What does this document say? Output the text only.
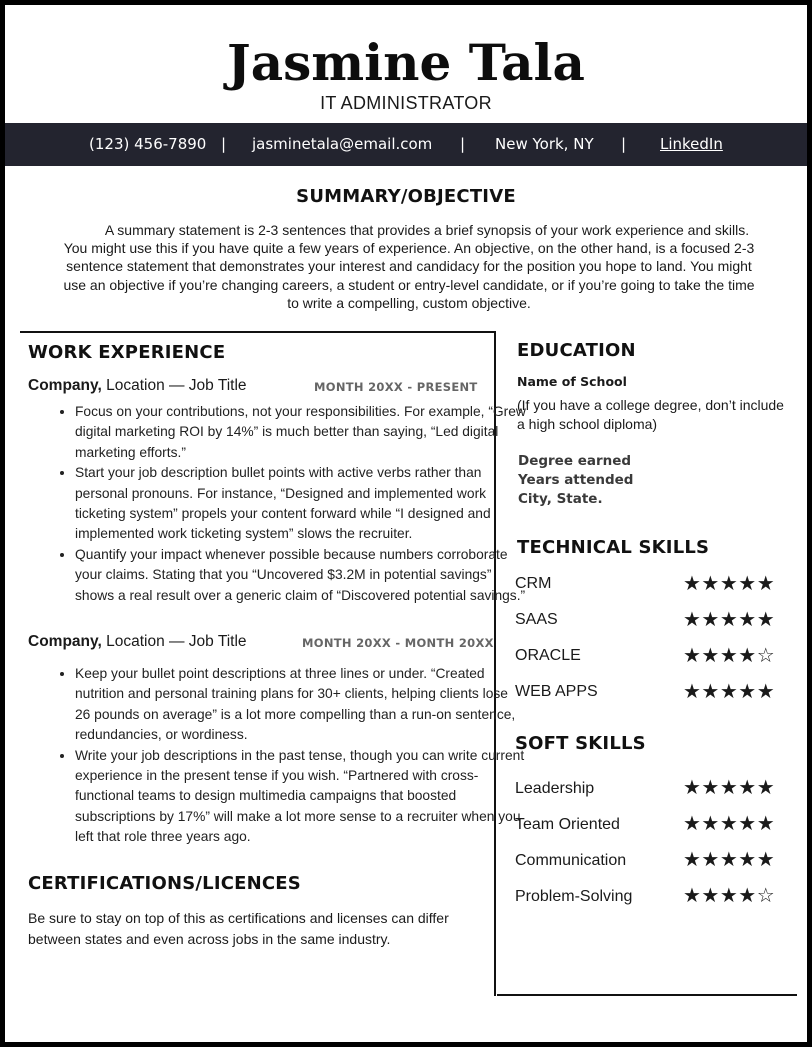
Jasmine Tala
IT ADMINISTRATOR
(123) 456-7890 | jasminetala@email.com | New York, NY | LinkedIn
SUMMARY/OBJECTIVE
A summary statement is 2-3 sentences that provides a brief synopsis of your work experience and skills. You might use this if you have quite a few years of experience. An objective, on the other hand, is a focused 2-3 sentence statement that demonstrates your interest and candidacy for the position you hope to land. You might use an objective if you’re changing careers, a student or entry-level candidate, or if you’re going to take the time to write a compelling, custom objective.
WORK EXPERIENCE
Company, Location — Job Title	MONTH 20XX - PRESENT
• Focus on your contributions, not your responsibilities. For example, “Grew digital marketing ROI by 14%” is much better than saying, “Led digital marketing efforts.”
• Start your job description bullet points with active verbs rather than personal pronouns. For instance, “Designed and implemented work ticketing system” propels your content forward while “I designed and implemented work ticketing system” slows the recruiter.
• Quantify your impact whenever possible because numbers corroborate your claims. Stating that you “Uncovered $3.2M in potential savings” shows a real result over a generic claim of “Discovered potential savings.”
Company, Location — Job Title	MONTH 20XX - MONTH 20XX
• Keep your bullet point descriptions at three lines or under. “Created nutrition and personal training plans for 30+ clients, helping clients lose 26 pounds on average” is a lot more compelling than a run-on sentence, redundancies, or wordiness.
• Write your job descriptions in the past tense, though you can write current experience in the present tense if you wish. “Partnered with cross-functional teams to design multimedia campaigns that boosted subscriptions by 17%” will make a lot more sense to a recruiter when you left that role three years ago.
CERTIFICATIONS/LICENCES
Be sure to stay on top of this as certifications and licenses can differ between states and even across jobs in the same industry.
EDUCATION
Name of School
(If you have a college degree, don’t include a high school diploma)
Degree earned
Years attended
City, State.
TECHNICAL SKILLS
CRM	★★★★★
SAAS	★★★★★
ORACLE	★★★★☆
WEB APPS	★★★★★
SOFT SKILLS
Leadership	★★★★★
Team Oriented	★★★★★
Communication	★★★★★
Problem-Solving	★★★★☆
